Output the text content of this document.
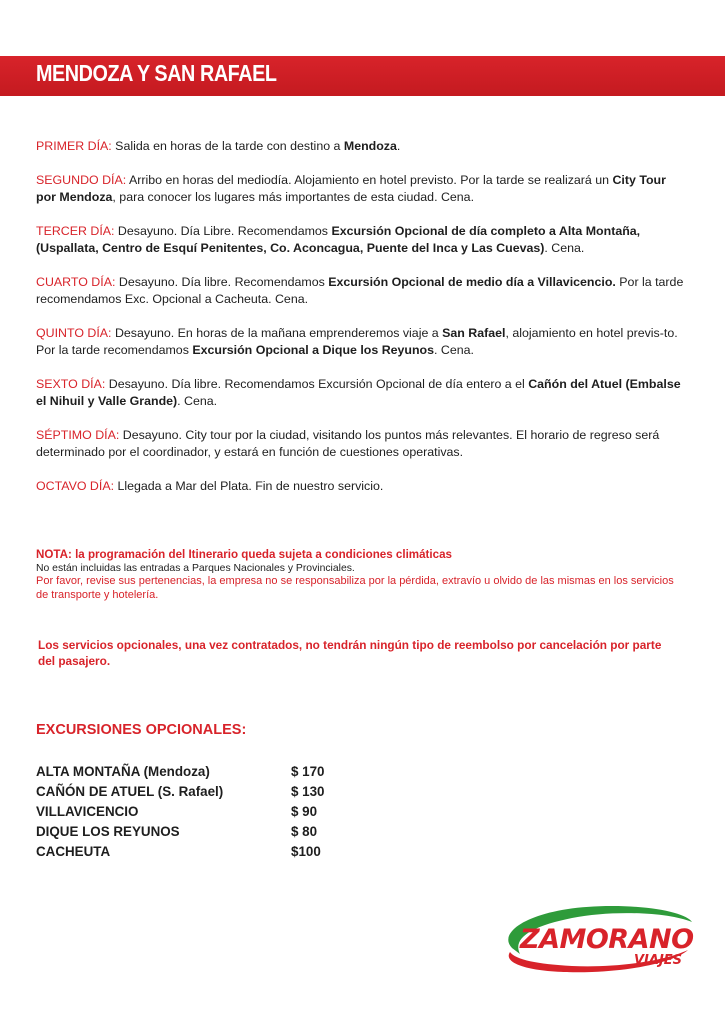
MENDOZA Y SAN RAFAEL

PRIMER DÍA: Salida en horas de la tarde con destino a Mendoza.

SEGUNDO DÍA: Arribo en horas del mediodía. Alojamiento en hotel previsto. Por la tarde se realizará un City Tour por Mendoza, para conocer los lugares más importantes de esta ciudad. Cena.

TERCER DÍA: Desayuno. Día Libre. Recomendamos Excursión Opcional de día completo a Alta Montaña, (Uspallata, Centro de Esquí Penitentes, Co. Aconcagua, Puente del Inca y Las Cuevas). Cena.

CUARTO DÍA: Desayuno. Día libre. Recomendamos Excursión Opcional de medio día a Villavicencio. Por la tarde recomendamos Exc. Opcional a Cacheuta. Cena.

QUINTO DÍA: Desayuno. En horas de la mañana emprenderemos viaje a San Rafael, alojamiento en hotel previs-to. Por la tarde recomendamos Excursión Opcional a Dique los Reyunos. Cena.

SEXTO DÍA: Desayuno. Día libre. Recomendamos Excursión Opcional de día entero a el Cañón del Atuel (Embalse el Nihuil y Valle Grande). Cena.

SÉPTIMO DÍA: Desayuno. City tour por la ciudad, visitando los puntos más relevantes. El horario de regreso será determinado por el coordinador, y estará en función de cuestiones operativas.

OCTAVO DÍA: Llegada a Mar del Plata. Fin de nuestro servicio.

NOTA: la programación del Itinerario queda sujeta a condiciones climáticas
No están incluidas las entradas a Parques Nacionales y Provinciales.
Por favor, revise sus pertenencias, la empresa no se responsabiliza por la pérdida, extravío u olvido de las mismas en los servicios de transporte y hotelería.
Los servicios opcionales, una vez contratados, no tendrán ningún tipo de reembolso por cancelación por parte del pasajero.
EXCURSIONES OPCIONALES:
ALTA MONTAÑA (Mendoza)	$ 170
CAÑÓN DE ATUEL (S. Rafael)	$ 130
VILLAVICENCIO	$ 90
DIQUE LOS REYUNOS	$ 80
CACHEUTA	$100
ZAMORANO
VIAJES
